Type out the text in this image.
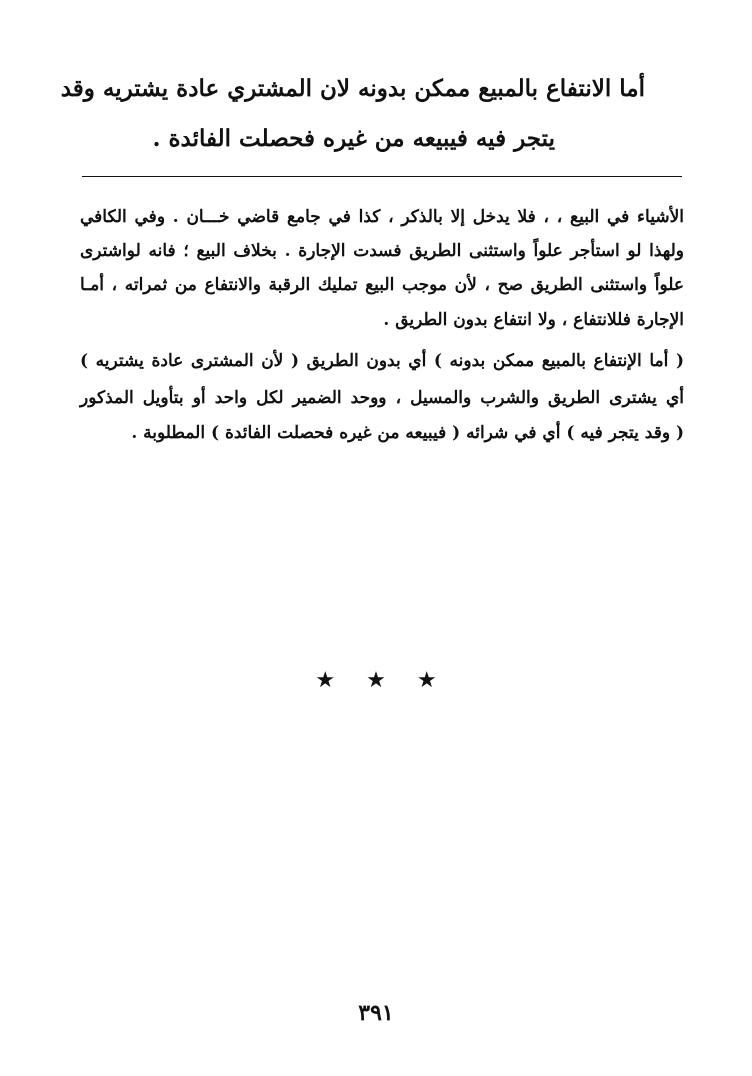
أما الانتفاع بالمبيع ممكن بدونه لان المشتري عادة يشتريه وقد
يتجر فيه فيبيعه من غيره فحصلت الفائدة .
الأشياء في البيع ، ، فلا يدخل إلا بالذكر ، كذا في جامع قاضي خـــان . وفي الكافي
ولهذا لو استأجر علواً واستثنى الطريق فسدت الإجارة . بخلاف البيع ؛ فانه لواشترى
علواً واستثنى الطريق صح ، لأن موجب البيع تمليك الرقبة والانتفاع من ثمراته ، أمـا
الإجارة فللانتفاع ، ولا انتفاع بدون الطريق .
( أما الإنتفاع بالمبيع ممكن بدونه ) أي بدون الطريق ( لأن المشترى عادة يشتريه )
أي يشترى الطريق والشرب والمسيل ، ووحد الضمير لكل واحد أو بتأويل المذكور
( وقد يتجر فيه ) أي في شرائه ( فيبيعه من غيره فحصلت الفائدة ) المطلوبة .
★ ★ ★
٣٩١
